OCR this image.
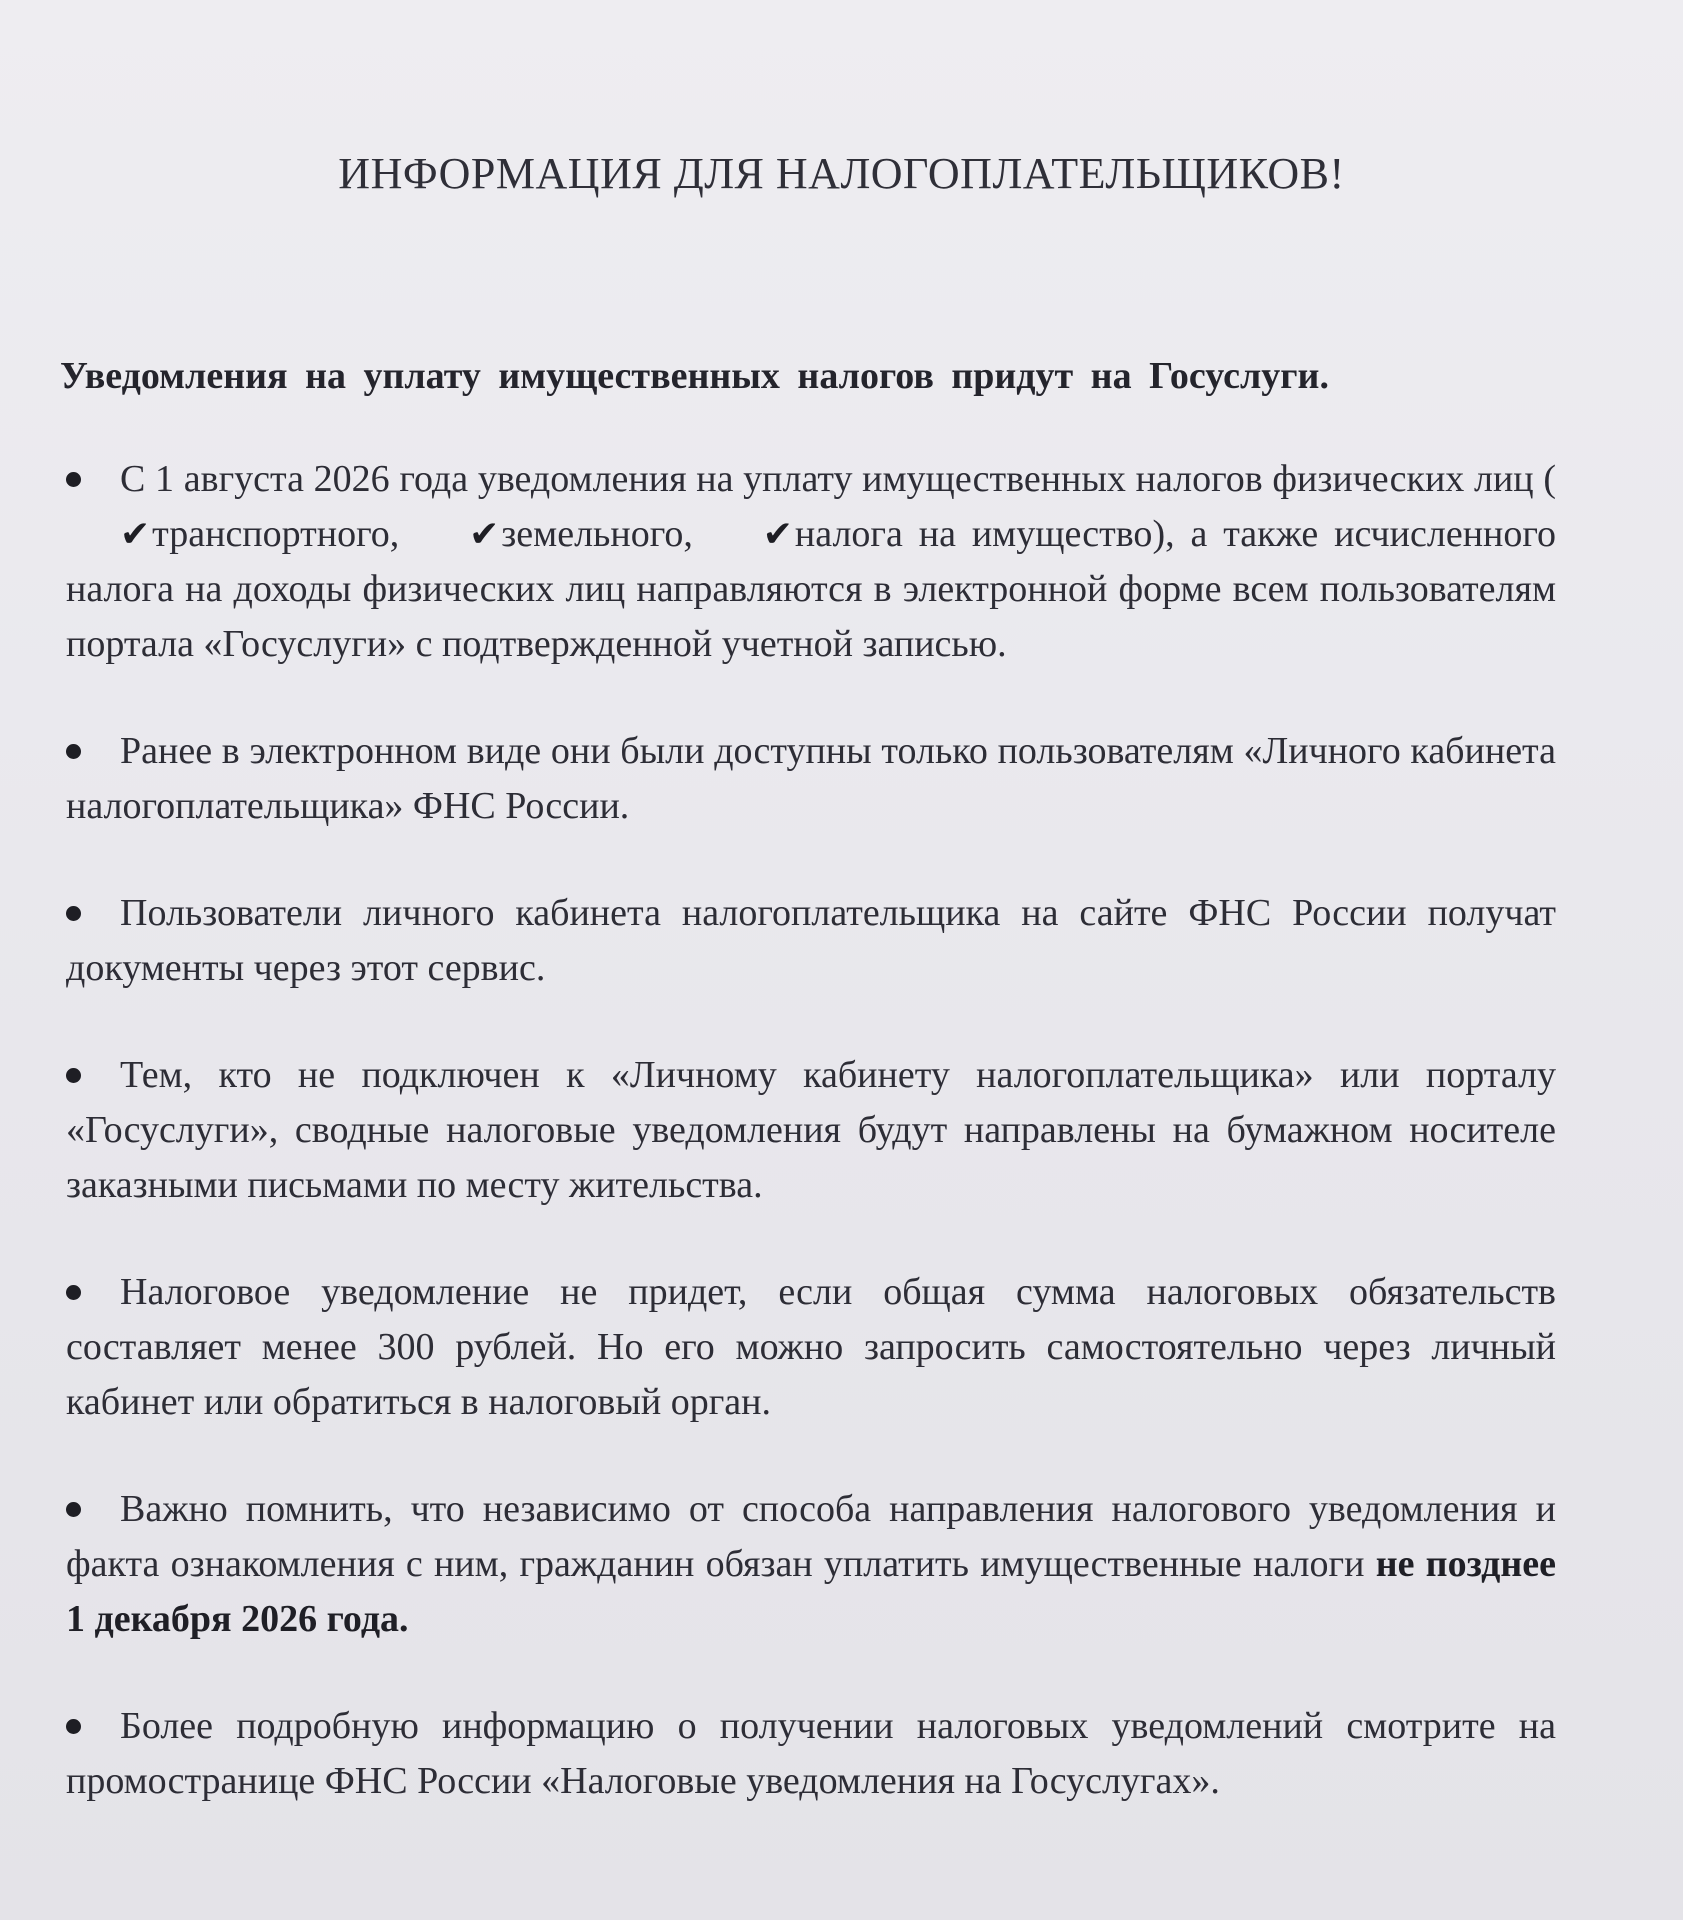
ИНФОРМАЦИЯ ДЛЯ НАЛОГОПЛАТЕЛЬЩИКОВ!
Уведомления на уплату имущественных налогов придут на Госуслуги.
С 1 августа 2026 года уведомления на уплату имущественных налогов физических лиц (✔транспортного, ✔земельного, ✔налога на имущество), а также исчисленного налога на доходы физических лиц направляются в электронной форме всем пользователям портала «Госуслуги» с подтвержденной учетной записью.
Ранее в электронном виде они были доступны только пользователям «Личного кабинета налогоплательщика» ФНС России.
Пользователи личного кабинета налогоплательщика на сайте ФНС России получат документы через этот сервис.
Тем, кто не подключен к «Личному кабинету налогоплательщика» или порталу «Госуслуги», сводные налоговые уведомления будут направлены на бумажном носителе заказными письмами по месту жительства.
Налоговое уведомление не придет, если общая сумма налоговых обязательств составляет менее 300 рублей. Но его можно запросить самостоятельно через личный кабинет или обратиться в налоговый орган.
Важно помнить, что независимо от способа направления налогового уведомления и факта ознакомления с ним, гражданин обязан уплатить имущественные налоги не позднее 1 декабря 2026 года.
Более подробную информацию о получении налоговых уведомлений смотрите на промостранице ФНС России «Налоговые уведомления на Госуслугах».
